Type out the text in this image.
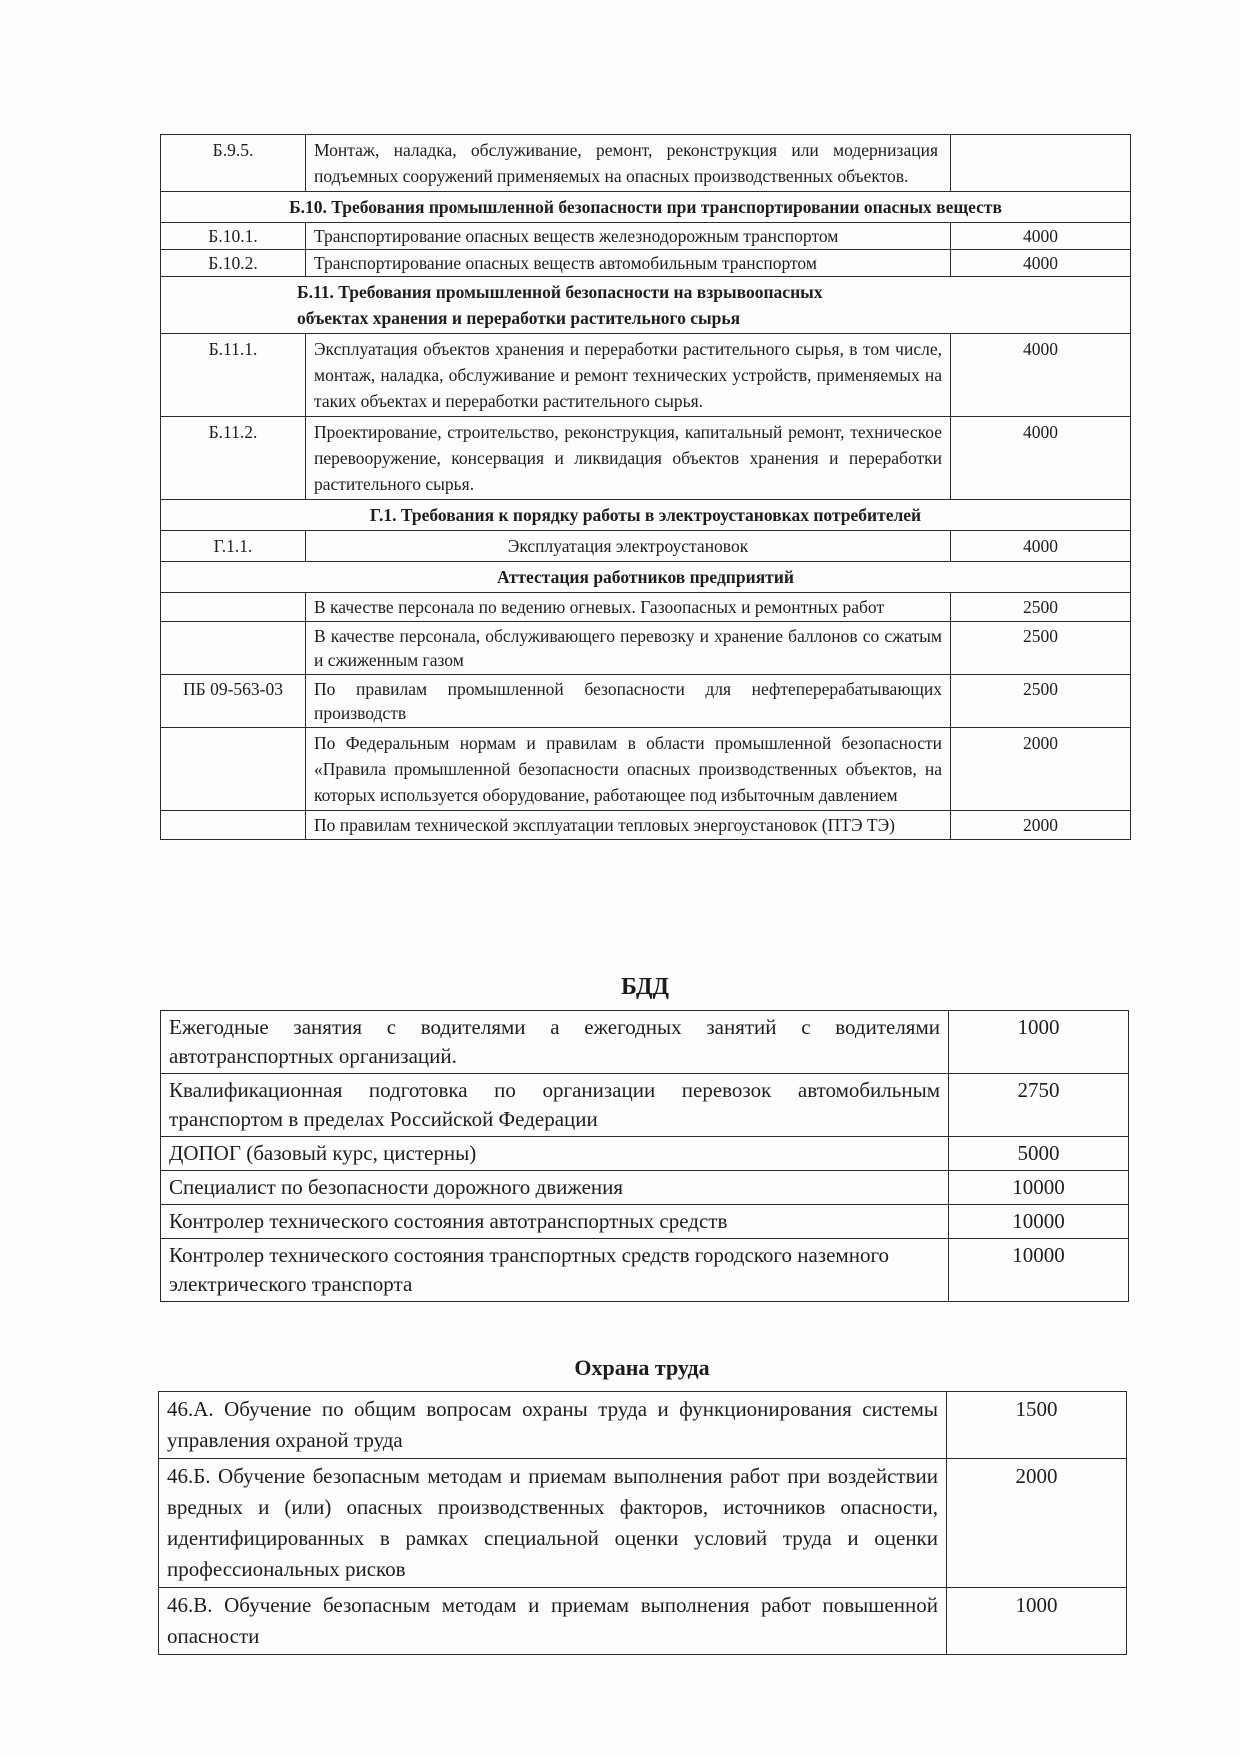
Б.9.5.	Монтаж, наладка, обслуживание, ремонт, реконструкция или модернизация подъемных сооружений применяемых на опасных производственных объектов.	
Б.10. Требования промышленной безопасности при транспортировании опасных веществ		
Б.10.1.	Транспортирование опасных веществ железнодорожным транспортом	4000
Б.10.2.	Транспортирование опасных веществ автомобильным транспортом	4000

Б.11. Требования промышленной безопасности на взрывоопасных
объектах хранения и переработки растительного сырья		

Б.11.1.	Эксплуатация объектов хранения и переработки растительного сырья, в том числе, монтаж, наладка, обслуживание и ремонт технических устройств, применяемых на таких объектах и переработки растительного сырья.	4000
Б.11.2.	Проектирование, строительство, реконструкция, капитальный ремонт, техническое перевооружение, консервация и ликвидация объектов хранения и переработки растительного сырья.	4000
Г.1. Требования к порядку работы в электроустановках потребителей		
Г.1.1.	Эксплуатация электроустановок	4000
Аттестация работников предприятий		
	В качестве персонала по ведению огневых. Газоопасных и ремонтных работ	2500
	В качестве персонала, обслуживающего перевозку и хранение баллонов со сжатым и сжиженным газом	2500
ПБ 09-563-03	По правилам промышленной безопасности для нефтеперерабатывающих производств	2500
	По Федеральным нормам и правилам в области промышленной безопасности «Правила промышленной безопасности опасных производственных объектов, на которых используется оборудование, работающее под избыточным давлением	2000
	По правилам технической эксплуатации тепловых энергоустановок (ПТЭ ТЭ)	2000
БДД
Ежегодные занятия с водителями а ежегодных занятий с водителями автотранспортных организаций.	1000
Квалификационная подготовка по организации перевозок автомобильным транспортом в пределах Российской Федерации	2750
ДОПОГ (базовый курс, цистерны)	5000
Специалист по безопасности дорожного движения	10000
Контролер технического состояния автотранспортных средств	10000
Контролер технического состояния транспортных средств городского наземного электрического транспорта	10000
Охрана труда
46.А. Обучение по общим вопросам охраны труда и функционирования системы управления охраной труда	1500
46.Б. Обучение безопасным методам и приемам выполнения работ при воздействии вредных и (или) опасных производственных факторов, источников опасности, идентифицированных в рамках специальной оценки условий труда и оценки профессиональных рисков	2000
46.В. Обучение безопасным методам и приемам выполнения работ повышенной опасности	1000
